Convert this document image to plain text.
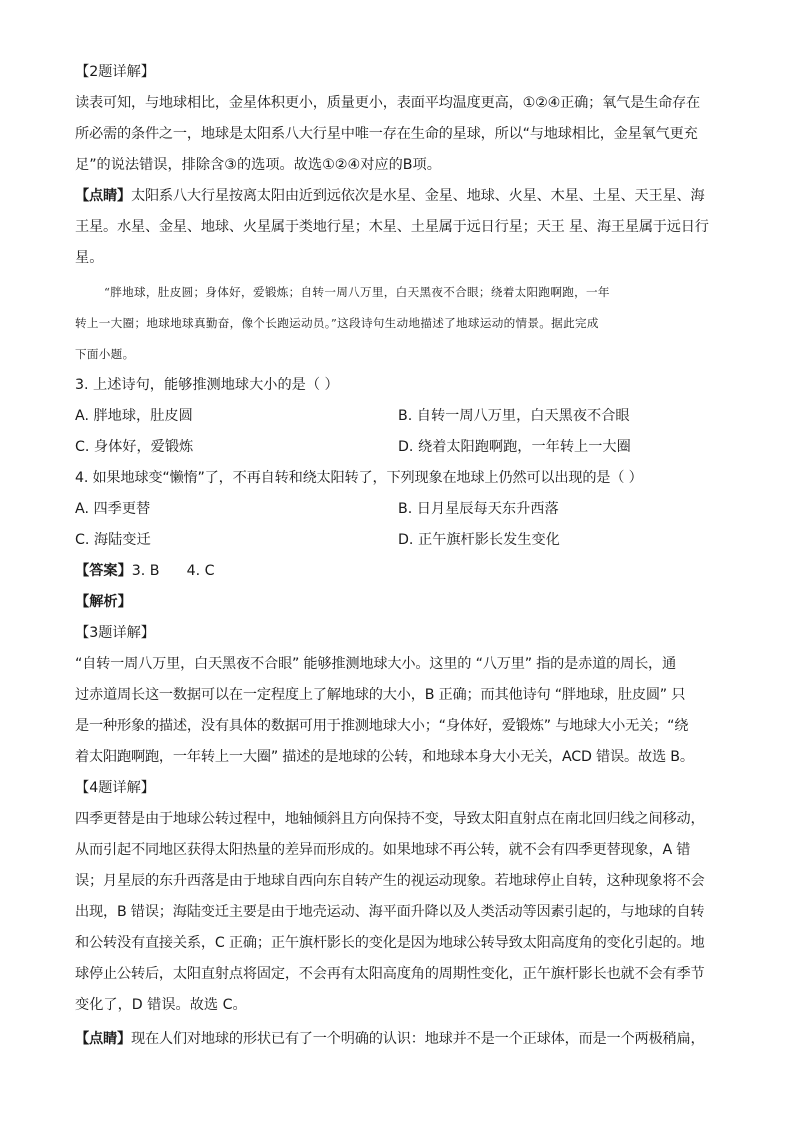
【2题详解】
读表可知，与地球相比，金星体积更小，质量更小，表面平均温度更高，①②④正确；氧气是生命存在
所必需的条件之一，地球是太阳系八大行星中唯一存在生命的星球，所以“与地球相比，金星氧气更充
足”的说法错误，排除含③的选项。故选①②④对应的B项。
【点睛】太阳系八大行星按离太阳由近到远依次是水星、金星、地球、火星、木星、土星、天王星、海
王星。水星、金星、地球、火星属于类地行星；木星、土星属于远日行星；天王 星、海王星属于远日行
星。
“胖地球，肚皮圆；身体好，爱锻炼；自转一周八万里，白天黑夜不合眼；绕着太阳跑啊跑，一年
转上一大圈；地球地球真勤奋，像个长跑运动员。”这段诗句生动地描述了地球运动的情景。据此完成
下面小题。
3. 上述诗句，能够推测地球大小的是（ ）
A. 胖地球，肚皮圆	B. 自转一周八万里，白天黑夜不合眼
C. 身体好，爱锻炼	D. 绕着太阳跑啊跑，一年转上一大圈
4. 如果地球变“懒惰”了，不再自转和绕太阳转了，下列现象在地球上仍然可以出现的是（ ）
A. 四季更替	B. 日月星辰每天东升西落
C. 海陆变迁	D. 正午旗杆影长发生变化
【答案】3. B      4. C
【解析】
【3题详解】
“自转一周八万里，白天黑夜不合眼” 能够推测地球大小。这里的 “八万里” 指的是赤道的周长，通
过赤道周长这一数据可以在一定程度上了解地球的大小，B 正确；而其他诗句 “胖地球，肚皮圆” 只
是一种形象的描述，没有具体的数据可用于推测地球大小；“身体好，爱锻炼” 与地球大小无关；“绕
着太阳跑啊跑，一年转上一大圈” 描述的是地球的公转，和地球本身大小无关，ACD 错误。故选 B。
【4题详解】
四季更替是由于地球公转过程中，地轴倾斜且方向保持不变，导致太阳直射点在南北回归线之间移动，
从而引起不同地区获得太阳热量的差异而形成的。如果地球不再公转，就不会有四季更替现象，A 错
误；月星辰的东升西落是由于地球自西向东自转产生的视运动现象。若地球停止自转，这种现象将不会
出现，B 错误；海陆变迁主要是由于地壳运动、海平面升降以及人类活动等因素引起的，与地球的自转
和公转没有直接关系，C 正确；正午旗杆影长的变化是因为地球公转导致太阳高度角的变化引起的。地
球停止公转后，太阳直射点将固定，不会再有太阳高度角的周期性变化，正午旗杆影长也就不会有季节
变化了，D 错误。故选 C。
【点睛】现在人们对地球的形状已有了一个明确的认识：地球并不是一个正球体，而是一个两极稍扁，
